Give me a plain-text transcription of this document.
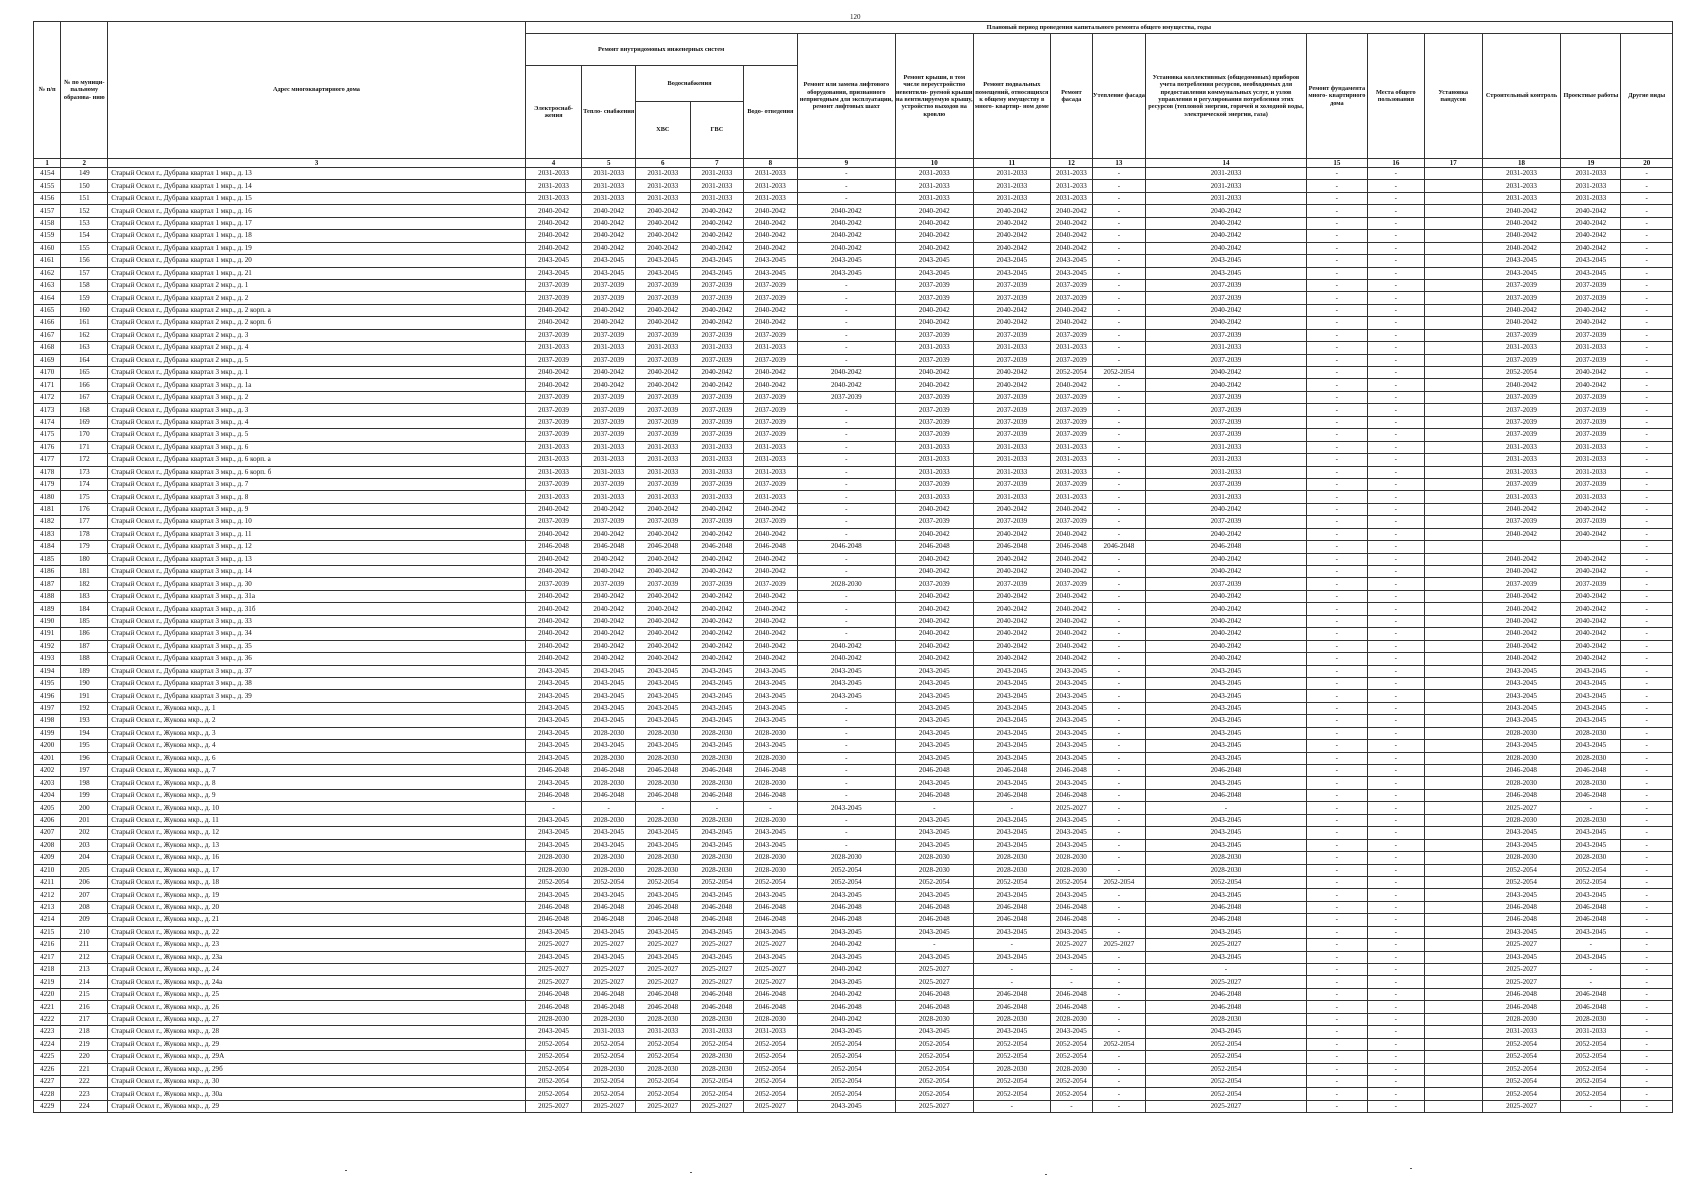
120
№ п/п	№ по муници- пальному образова- нию	Адрес многоквартирного дома	Плановый период проведения капитального ремонта общего имущества, годы																
			Ремонт внутридомовых инженерных систем					Ремонт или замена лифтового оборудования, признанного непригодным для эксплуатации, ремонт лифтовых шахт	Ремонт крыши, в том числе переустройство невентили- руемой крыши на вентилируемую крышу, устройство выходов на кровлю	Ремонт подвальных помещений, относящихся к общему имуществу в много- квартир- ном доме	Ремонт фасада	Утепление фасада	Установка коллективных (общедомовых) приборов учета потребления ресурсов, необходимых для предоставления коммунальных услуг, и узлов управления и регулирования потребления этих ресурсов (тепловой энергии, горячей и холодной воды, электрической энергии, газа)	Ремонт фундамента много- квартирного дома	Места общего пользования	Установка пандусов	Строительный контроль	Проектные работы	Другие виды
			Электроснаб- жения	Тепло- снабжения	Водоснабжения		Водо- отведения												
					ХВС	ГВС													
1	2	3	4	5	6	7	8	9	10	11	12	13	14	15	16	17	18	19	20
4154	149	Старый Оскол г., Дубрава квартал 1 мкр., д. 13	2031-2033	2031-2033	2031-2033	2031-2033	2031-2033	-	2031-2033	2031-2033	2031-2033	-	2031-2033	-	-		2031-2033	2031-2033	-
4155	150	Старый Оскол г., Дубрава квартал 1 мкр., д. 14	2031-2033	2031-2033	2031-2033	2031-2033	2031-2033	-	2031-2033	2031-2033	2031-2033	-	2031-2033	-	-		2031-2033	2031-2033	-
4156	151	Старый Оскол г., Дубрава квартал 1 мкр., д. 15	2031-2033	2031-2033	2031-2033	2031-2033	2031-2033	-	2031-2033	2031-2033	2031-2033	-	2031-2033	-	-		2031-2033	2031-2033	-
4157	152	Старый Оскол г., Дубрава квартал 1 мкр., д. 16	2040-2042	2040-2042	2040-2042	2040-2042	2040-2042	2040-2042	2040-2042	2040-2042	2040-2042	-	2040-2042	-	-		2040-2042	2040-2042	-
4158	153	Старый Оскол г., Дубрава квартал 1 мкр., д. 17	2040-2042	2040-2042	2040-2042	2040-2042	2040-2042	2040-2042	2040-2042	2040-2042	2040-2042	-	2040-2042	-	-		2040-2042	2040-2042	-
4159	154	Старый Оскол г., Дубрава квартал 1 мкр., д. 18	2040-2042	2040-2042	2040-2042	2040-2042	2040-2042	2040-2042	2040-2042	2040-2042	2040-2042	-	2040-2042	-	-		2040-2042	2040-2042	-
4160	155	Старый Оскол г., Дубрава квартал 1 мкр., д. 19	2040-2042	2040-2042	2040-2042	2040-2042	2040-2042	2040-2042	2040-2042	2040-2042	2040-2042	-	2040-2042	-	-		2040-2042	2040-2042	-
4161	156	Старый Оскол г., Дубрава квартал 1 мкр., д. 20	2043-2045	2043-2045	2043-2045	2043-2045	2043-2045	2043-2045	2043-2045	2043-2045	2043-2045	-	2043-2045	-	-		2043-2045	2043-2045	-
4162	157	Старый Оскол г., Дубрава квартал 1 мкр., д. 21	2043-2045	2043-2045	2043-2045	2043-2045	2043-2045	2043-2045	2043-2045	2043-2045	2043-2045	-	2043-2045	-	-		2043-2045	2043-2045	-
4163	158	Старый Оскол г., Дубрава квартал 2 мкр., д. 1	2037-2039	2037-2039	2037-2039	2037-2039	2037-2039	-	2037-2039	2037-2039	2037-2039	-	2037-2039	-	-		2037-2039	2037-2039	-
4164	159	Старый Оскол г., Дубрава квартал 2 мкр., д. 2	2037-2039	2037-2039	2037-2039	2037-2039	2037-2039	-	2037-2039	2037-2039	2037-2039	-	2037-2039	-	-		2037-2039	2037-2039	-
4165	160	Старый Оскол г., Дубрава квартал 2 мкр., д. 2 корп. а	2040-2042	2040-2042	2040-2042	2040-2042	2040-2042	-	2040-2042	2040-2042	2040-2042	-	2040-2042	-	-		2040-2042	2040-2042	-
4166	161	Старый Оскол г., Дубрава квартал 2 мкр., д. 2 корп. б	2040-2042	2040-2042	2040-2042	2040-2042	2040-2042	-	2040-2042	2040-2042	2040-2042	-	2040-2042	-	-		2040-2042	2040-2042	-
4167	162	Старый Оскол г., Дубрава квартал 2 мкр., д. 3	2037-2039	2037-2039	2037-2039	2037-2039	2037-2039	-	2037-2039	2037-2039	2037-2039	-	2037-2039	-	-		2037-2039	2037-2039	-
4168	163	Старый Оскол г., Дубрава квартал 2 мкр., д. 4	2031-2033	2031-2033	2031-2033	2031-2033	2031-2033	-	2031-2033	2031-2033	2031-2033	-	2031-2033	-	-		2031-2033	2031-2033	-
4169	164	Старый Оскол г., Дубрава квартал 2 мкр., д. 5	2037-2039	2037-2039	2037-2039	2037-2039	2037-2039	-	2037-2039	2037-2039	2037-2039	-	2037-2039	-	-		2037-2039	2037-2039	-
4170	165	Старый Оскол г., Дубрава квартал 3 мкр., д. 1	2040-2042	2040-2042	2040-2042	2040-2042	2040-2042	2040-2042	2040-2042	2040-2042	2052-2054	2052-2054	2040-2042	-	-		2052-2054	2040-2042	-
4171	166	Старый Оскол г., Дубрава квартал 3 мкр., д. 1а	2040-2042	2040-2042	2040-2042	2040-2042	2040-2042	2040-2042	2040-2042	2040-2042	2040-2042	-	2040-2042	-	-		2040-2042	2040-2042	-
4172	167	Старый Оскол г., Дубрава квартал 3 мкр., д. 2	2037-2039	2037-2039	2037-2039	2037-2039	2037-2039	2037-2039	2037-2039	2037-2039	2037-2039	-	2037-2039	-	-		2037-2039	2037-2039	-
4173	168	Старый Оскол г., Дубрава квартал 3 мкр., д. 3	2037-2039	2037-2039	2037-2039	2037-2039	2037-2039	-	2037-2039	2037-2039	2037-2039	-	2037-2039	-	-		2037-2039	2037-2039	-
4174	169	Старый Оскол г., Дубрава квартал 3 мкр., д. 4	2037-2039	2037-2039	2037-2039	2037-2039	2037-2039	-	2037-2039	2037-2039	2037-2039	-	2037-2039	-	-		2037-2039	2037-2039	-
4175	170	Старый Оскол г., Дубрава квартал 3 мкр., д. 5	2037-2039	2037-2039	2037-2039	2037-2039	2037-2039	-	2037-2039	2037-2039	2037-2039	-	2037-2039	-	-		2037-2039	2037-2039	-
4176	171	Старый Оскол г., Дубрава квартал 3 мкр., д. 6	2031-2033	2031-2033	2031-2033	2031-2033	2031-2033	-	2031-2033	2031-2033	2031-2033	-	2031-2033	-	-		2031-2033	2031-2033	-
4177	172	Старый Оскол г., Дубрава квартал 3 мкр., д. 6 корп. а	2031-2033	2031-2033	2031-2033	2031-2033	2031-2033	-	2031-2033	2031-2033	2031-2033	-	2031-2033	-	-		2031-2033	2031-2033	-
4178	173	Старый Оскол г., Дубрава квартал 3 мкр., д. 6 корп. б	2031-2033	2031-2033	2031-2033	2031-2033	2031-2033	-	2031-2033	2031-2033	2031-2033	-	2031-2033	-	-		2031-2033	2031-2033	-
4179	174	Старый Оскол г., Дубрава квартал 3 мкр., д. 7	2037-2039	2037-2039	2037-2039	2037-2039	2037-2039	-	2037-2039	2037-2039	2037-2039	-	2037-2039	-	-		2037-2039	2037-2039	-
4180	175	Старый Оскол г., Дубрава квартал 3 мкр., д. 8	2031-2033	2031-2033	2031-2033	2031-2033	2031-2033	-	2031-2033	2031-2033	2031-2033	-	2031-2033	-	-		2031-2033	2031-2033	-
4181	176	Старый Оскол г., Дубрава квартал 3 мкр., д. 9	2040-2042	2040-2042	2040-2042	2040-2042	2040-2042	-	2040-2042	2040-2042	2040-2042	-	2040-2042	-	-		2040-2042	2040-2042	-
4182	177	Старый Оскол г., Дубрава квартал 3 мкр., д. 10	2037-2039	2037-2039	2037-2039	2037-2039	2037-2039	-	2037-2039	2037-2039	2037-2039	-	2037-2039	-	-		2037-2039	2037-2039	-
4183	178	Старый Оскол г., Дубрава квартал 3 мкр., д. 11	2040-2042	2040-2042	2040-2042	2040-2042	2040-2042	-	2040-2042	2040-2042	2040-2042	-	2040-2042	-	-		2040-2042	2040-2042	-
4184	179	Старый Оскол г., Дубрава квартал 3 мкр., д. 12	2046-2048	2046-2048	2046-2048	2046-2048	2046-2048	2046-2048	2046-2048	2046-2048	2046-2048	2046-2048	2046-2048	-	-				-
4185	180	Старый Оскол г., Дубрава квартал 3 мкр., д. 13	2040-2042	2040-2042	2040-2042	2040-2042	2040-2042	-	2040-2042	2040-2042	2040-2042	-	2040-2042	-	-		2040-2042	2040-2042	-
4186	181	Старый Оскол г., Дубрава квартал 3 мкр., д. 14	2040-2042	2040-2042	2040-2042	2040-2042	2040-2042	-	2040-2042	2040-2042	2040-2042	-	2040-2042	-	-		2040-2042	2040-2042	-
4187	182	Старый Оскол г., Дубрава квартал 3 мкр., д. 30	2037-2039	2037-2039	2037-2039	2037-2039	2037-2039	2028-2030	2037-2039	2037-2039	2037-2039	-	2037-2039	-	-		2037-2039	2037-2039	-
4188	183	Старый Оскол г., Дубрава квартал 3 мкр., д. 31а	2040-2042	2040-2042	2040-2042	2040-2042	2040-2042	-	2040-2042	2040-2042	2040-2042	-	2040-2042	-	-		2040-2042	2040-2042	-
4189	184	Старый Оскол г., Дубрава квартал 3 мкр., д. 31б	2040-2042	2040-2042	2040-2042	2040-2042	2040-2042	-	2040-2042	2040-2042	2040-2042	-	2040-2042	-	-		2040-2042	2040-2042	-
4190	185	Старый Оскол г., Дубрава квартал 3 мкр., д. 33	2040-2042	2040-2042	2040-2042	2040-2042	2040-2042	-	2040-2042	2040-2042	2040-2042	-	2040-2042	-	-		2040-2042	2040-2042	-
4191	186	Старый Оскол г., Дубрава квартал 3 мкр., д. 34	2040-2042	2040-2042	2040-2042	2040-2042	2040-2042	-	2040-2042	2040-2042	2040-2042	-	2040-2042	-	-		2040-2042	2040-2042	-
4192	187	Старый Оскол г., Дубрава квартал 3 мкр., д. 35	2040-2042	2040-2042	2040-2042	2040-2042	2040-2042	2040-2042	2040-2042	2040-2042	2040-2042	-	2040-2042	-	-		2040-2042	2040-2042	-
4193	188	Старый Оскол г., Дубрава квартал 3 мкр., д. 36	2040-2042	2040-2042	2040-2042	2040-2042	2040-2042	2040-2042	2040-2042	2040-2042	2040-2042	-	2040-2042	-	-		2040-2042	2040-2042	-
4194	189	Старый Оскол г., Дубрава квартал 3 мкр., д. 37	2043-2045	2043-2045	2043-2045	2043-2045	2043-2045	2043-2045	2043-2045	2043-2045	2043-2045	-	2043-2045	-	-		2043-2045	2043-2045	-
4195	190	Старый Оскол г., Дубрава квартал 3 мкр., д. 38	2043-2045	2043-2045	2043-2045	2043-2045	2043-2045	2043-2045	2043-2045	2043-2045	2043-2045	-	2043-2045	-	-		2043-2045	2043-2045	-
4196	191	Старый Оскол г., Дубрава квартал 3 мкр., д. 39	2043-2045	2043-2045	2043-2045	2043-2045	2043-2045	2043-2045	2043-2045	2043-2045	2043-2045	-	2043-2045	-	-		2043-2045	2043-2045	-
4197	192	Старый Оскол г., Жукова мкр., д. 1	2043-2045	2043-2045	2043-2045	2043-2045	2043-2045	-	2043-2045	2043-2045	2043-2045	-	2043-2045	-	-		2043-2045	2043-2045	-
4198	193	Старый Оскол г., Жукова мкр., д. 2	2043-2045	2043-2045	2043-2045	2043-2045	2043-2045	-	2043-2045	2043-2045	2043-2045	-	2043-2045	-	-		2043-2045	2043-2045	-
4199	194	Старый Оскол г., Жукова мкр., д. 3	2043-2045	2028-2030	2028-2030	2028-2030	2028-2030	-	2043-2045	2043-2045	2043-2045	-	2043-2045	-	-		2028-2030	2028-2030	-
4200	195	Старый Оскол г., Жукова мкр., д. 4	2043-2045	2043-2045	2043-2045	2043-2045	2043-2045	-	2043-2045	2043-2045	2043-2045	-	2043-2045	-	-		2043-2045	2043-2045	-
4201	196	Старый Оскол г., Жукова мкр., д. 6	2043-2045	2028-2030	2028-2030	2028-2030	2028-2030	-	2043-2045	2043-2045	2043-2045	-	2043-2045	-	-		2028-2030	2028-2030	-
4202	197	Старый Оскол г., Жукова мкр., д. 7	2046-2048	2046-2048	2046-2048	2046-2048	2046-2048	-	2046-2048	2046-2048	2046-2048	-	2046-2048	-	-		2046-2048	2046-2048	-
4203	198	Старый Оскол г., Жукова мкр., д. 8	2043-2045	2028-2030	2028-2030	2028-2030	2028-2030	-	2043-2045	2043-2045	2043-2045	-	2043-2045	-	-		2028-2030	2028-2030	-
4204	199	Старый Оскол г., Жукова мкр., д. 9	2046-2048	2046-2048	2046-2048	2046-2048	2046-2048	-	2046-2048	2046-2048	2046-2048	-	2046-2048	-	-		2046-2048	2046-2048	-
4205	200	Старый Оскол г., Жукова мкр., д. 10	-	-	-	-	-	2043-2045	-	-	2025-2027	-	-	-	-		2025-2027	-	-
4206	201	Старый Оскол г., Жукова мкр., д. 11	2043-2045	2028-2030	2028-2030	2028-2030	2028-2030	-	2043-2045	2043-2045	2043-2045	-	2043-2045	-	-		2028-2030	2028-2030	-
4207	202	Старый Оскол г., Жукова мкр., д. 12	2043-2045	2043-2045	2043-2045	2043-2045	2043-2045	-	2043-2045	2043-2045	2043-2045	-	2043-2045	-	-		2043-2045	2043-2045	-
4208	203	Старый Оскол г., Жукова мкр., д. 13	2043-2045	2043-2045	2043-2045	2043-2045	2043-2045	-	2043-2045	2043-2045	2043-2045	-	2043-2045	-	-		2043-2045	2043-2045	-
4209	204	Старый Оскол г., Жукова мкр., д. 16	2028-2030	2028-2030	2028-2030	2028-2030	2028-2030	2028-2030	2028-2030	2028-2030	2028-2030	-	2028-2030	-	-		2028-2030	2028-2030	-
4210	205	Старый Оскол г., Жукова мкр., д. 17	2028-2030	2028-2030	2028-2030	2028-2030	2028-2030	2052-2054	2028-2030	2028-2030	2028-2030	-	2028-2030	-	-		2052-2054	2052-2054	-
4211	206	Старый Оскол г., Жукова мкр., д. 18	2052-2054	2052-2054	2052-2054	2052-2054	2052-2054	2052-2054	2052-2054	2052-2054	2052-2054	2052-2054	2052-2054	-	-		2052-2054	2052-2054	-
4212	207	Старый Оскол г., Жукова мкр., д. 19	2043-2045	2043-2045	2043-2045	2043-2045	2043-2045	2043-2045	2043-2045	2043-2045	2043-2045	-	2043-2045	-	-		2043-2045	2043-2045	-
4213	208	Старый Оскол г., Жукова мкр., д. 20	2046-2048	2046-2048	2046-2048	2046-2048	2046-2048	2046-2048	2046-2048	2046-2048	2046-2048	-	2046-2048	-	-		2046-2048	2046-2048	-
4214	209	Старый Оскол г., Жукова мкр., д. 21	2046-2048	2046-2048	2046-2048	2046-2048	2046-2048	2046-2048	2046-2048	2046-2048	2046-2048	-	2046-2048	-	-		2046-2048	2046-2048	-
4215	210	Старый Оскол г., Жукова мкр., д. 22	2043-2045	2043-2045	2043-2045	2043-2045	2043-2045	2043-2045	2043-2045	2043-2045	2043-2045	-	2043-2045	-	-		2043-2045	2043-2045	-
4216	211	Старый Оскол г., Жукова мкр., д. 23	2025-2027	2025-2027	2025-2027	2025-2027	2025-2027	2040-2042	-	-	2025-2027	2025-2027	2025-2027	-	-		2025-2027	-	-
4217	212	Старый Оскол г., Жукова мкр., д. 23а	2043-2045	2043-2045	2043-2045	2043-2045	2043-2045	2043-2045	2043-2045	2043-2045	2043-2045	-	2043-2045	-	-		2043-2045	2043-2045	-
4218	213	Старый Оскол г., Жукова мкр., д. 24	2025-2027	2025-2027	2025-2027	2025-2027	2025-2027	2040-2042	2025-2027	-	-	-	-	-	-		2025-2027	-	-
4219	214	Старый Оскол г., Жукова мкр., д. 24а	2025-2027	2025-2027	2025-2027	2025-2027	2025-2027	2043-2045	2025-2027	-	-	-	2025-2027	-	-		2025-2027	-	-
4220	215	Старый Оскол г., Жукова мкр., д. 25	2046-2048	2046-2048	2046-2048	2046-2048	2046-2048	2040-2042	2046-2048	2046-2048	2046-2048	-	2046-2048	-	-		2046-2048	2046-2048	-
4221	216	Старый Оскол г., Жукова мкр., д. 26	2046-2048	2046-2048	2046-2048	2046-2048	2046-2048	2046-2048	2046-2048	2046-2048	2046-2048	-	2046-2048	-	-		2046-2048	2046-2048	-
4222	217	Старый Оскол г., Жукова мкр., д. 27	2028-2030	2028-2030	2028-2030	2028-2030	2028-2030	2040-2042	2028-2030	2028-2030	2028-2030	-	2028-2030	-	-		2028-2030	2028-2030	-
4223	218	Старый Оскол г., Жукова мкр., д. 28	2043-2045	2031-2033	2031-2033	2031-2033	2031-2033	2043-2045	2043-2045	2043-2045	2043-2045	-	2043-2045	-	-		2031-2033	2031-2033	-
4224	219	Старый Оскол г., Жукова мкр., д. 29	2052-2054	2052-2054	2052-2054	2052-2054	2052-2054	2052-2054	2052-2054	2052-2054	2052-2054	2052-2054	2052-2054	-	-		2052-2054	2052-2054	-
4225	220	Старый Оскол г., Жукова мкр., д. 29А	2052-2054	2052-2054	2052-2054	2028-2030	2052-2054	2052-2054	2052-2054	2052-2054	2052-2054	-	2052-2054	-	-		2052-2054	2052-2054	-
4226	221	Старый Оскол г., Жукова мкр., д. 29б	2052-2054	2028-2030	2028-2030	2028-2030	2052-2054	2052-2054	2052-2054	2028-2030	2028-2030	-	2052-2054	-	-		2052-2054	2052-2054	-
4227	222	Старый Оскол г., Жукова мкр., д. 30	2052-2054	2052-2054	2052-2054	2052-2054	2052-2054	2052-2054	2052-2054	2052-2054	2052-2054	-	2052-2054	-	-		2052-2054	2052-2054	-
4228	223	Старый Оскол г., Жукова мкр., д. 30а	2052-2054	2052-2054	2052-2054	2052-2054	2052-2054	2052-2054	2052-2054	2052-2054	2052-2054	-	2052-2054	-	-		2052-2054	2052-2054	-
4229	224	Старый Оскол г., Жукова мкр., д. 29	2025-2027	2025-2027	2025-2027	2025-2027	2025-2027	2043-2045	2025-2027	-	-	-	2025-2027	-	-		2025-2027	-	-
